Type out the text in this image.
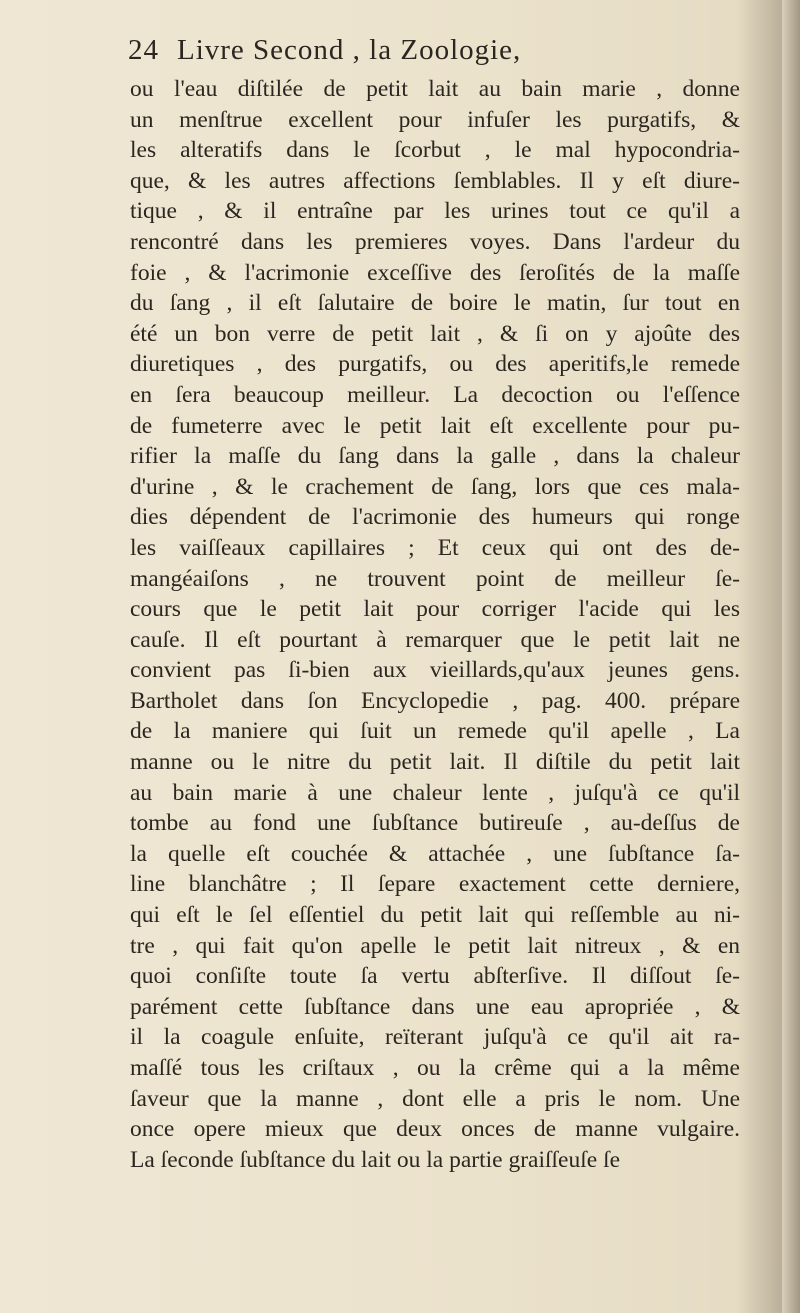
24 Livre Second , la Zoologie,
ou l'eau diſtilée de petit lait au bain marie , donne
un menſtrue excellent pour infuſer les purgatifs, &
les alteratifs dans le ſcorbut , le mal hypocondria-
que, & les autres affections ſemblables. Il y eſt diure-
tique , & il entraîne par les urines tout ce qu'il a
rencontré dans les premieres voyes. Dans l'ardeur du
foie , & l'acrimonie exceſſive des ſeroſités de la maſſe
du ſang , il eſt ſalutaire de boire le matin, ſur tout en
été un bon verre de petit lait , & ſi on y ajoûte des
diuretiques , des purgatifs, ou des aperitifs,le remede
en ſera beaucoup meilleur. La decoction ou l'eſſence
de fumeterre avec le petit lait eſt excellente pour pu-
rifier la maſſe du ſang dans la galle , dans la chaleur
d'urine , & le crachement de ſang, lors que ces mala-
dies dépendent de l'acrimonie des humeurs qui ronge
les vaiſſeaux capillaires ; Et ceux qui ont des de-
mangéaiſons , ne trouvent point de meilleur ſe-
cours que le petit lait pour corriger l'acide qui les
cauſe. Il eſt pourtant à remarquer que le petit lait ne
convient pas ſi-bien aux vieillards,qu'aux jeunes gens.
Bartholet dans ſon Encyclopedie , pag. 400. prépare
de la maniere qui ſuit un remede qu'il apelle , La
manne ou le nitre du petit lait. Il diſtile du petit lait
au bain marie à une chaleur lente , juſqu'à ce qu'il
tombe au fond une ſubſtance butireuſe , au-deſſus de
la quelle eſt couchée & attachée , une ſubſtance ſa-
line blanchâtre ; Il ſepare exactement cette derniere,
qui eſt le ſel eſſentiel du petit lait qui reſſemble au ni-
tre , qui fait qu'on apelle le petit lait nitreux , & en
quoi conſiſte toute ſa vertu abſterſive. Il diſſout ſe-
parément cette ſubſtance dans une eau apropriée , &
il la coagule enſuite, reïterant juſqu'à ce qu'il ait ra-
maſſé tous les criſtaux , ou la crême qui a la même
ſaveur que la manne , dont elle a pris le nom. Une
once opere mieux que deux onces de manne vulgaire.
La ſeconde ſubſtance du lait ou la partie graiſſeuſe ſe
